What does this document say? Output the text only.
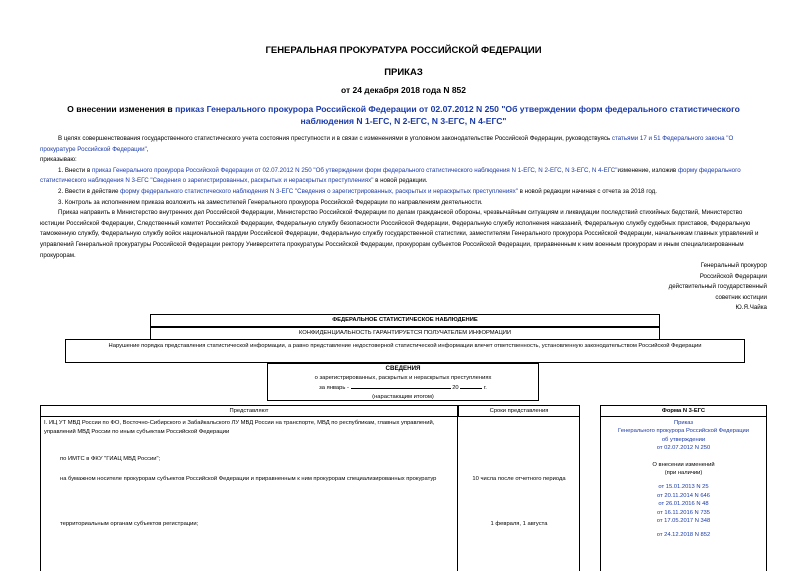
ГЕНЕРАЛЬНАЯ ПРОКУРАТУРА РОССИЙСКОЙ ФЕДЕРАЦИИ
ПРИКАЗ
от 24 декабря 2018 года N 852
О внесении изменения в приказ Генерального прокурора Российской Федерации от 02.07.2012 N 250 "Об утверждении форм федерального статистического наблюдения N 1-ЕГС, N 2-ЕГС, N 3-ЕГС, N 4-ЕГС"

В целях совершенствования государственного статистического учета состояния преступности и в связи с изменениями в уголовном законодательстве Российской Федерации, руководствуясь статьями 17 и 51 Федерального закона "О прокуратуре Российской Федерации",

приказываю:

1. Внести в приказ Генерального прокурора Российской Федерации от 02.07.2012 N 250 "Об утверждении форм федерального статистического наблюдения N 1-ЕГС, N 2-ЕГС, N 3-ЕГС, N 4-ЕГС"изменение, изложив форму федерального статистического наблюдения N 3-ЕГС "Сведения о зарегистрированных, раскрытых и нераскрытых преступлениях" в новой редакции.

2. Ввести в действие форму федерального статистического наблюдения N 3-ЕГС "Сведения о зарегистрированных, раскрытых и нераскрытых преступлениях" в новой редакции начиная с отчета за 2018 год.

3. Контроль за исполнением приказа возложить на заместителей Генерального прокурора Российской Федерации по направлениям деятельности.

Приказ направить в Министерство внутренних дел Российской Федерации, Министерство Российской Федерации по делам гражданской обороны, чрезвычайным ситуациям и ликвидации последствий стихийных бедствий, Министерство юстиции Российской Федерации, Следственный комитет Российской Федерации, Федеральную службу безопасности Российской Федерации, Федеральную службу исполнения наказаний, Федеральную службу судебных приставов, Федеральную таможенную службу, Федеральную службу войск национальной гвардии Российской Федерации, Федеральную службу государственной статистики, заместителям Генерального прокурора Российской Федерации, начальникам главных управлений и управлений Генеральной прокуратуры Российской Федерации ректору Университета прокуратуры Российской Федерации, прокурорам субъектов Российской Федерации, приравненным к ним военным прокурорам и иным специализированным прокурорам.

Генеральный прокурор
Российской Федерации
действительный государственный
советник юстиции
Ю.Я.Чайка
ФЕДЕРАЛЬНОЕ СТАТИСТИЧЕСКОЕ НАБЛЮДЕНИЕ
КОНФИДЕНЦИАЛЬНОСТЬ ГАРАНТИРУЕТСЯ ПОЛУЧАТЕЛЕМ ИНФОРМАЦИИ
Нарушение порядка представления статистической информации, а равно представление недостоверной статистической информации влечет ответственность, установленную законодательством Российской Федерации
СВЕДЕНИЯ
о зарегистрированных, раскрытых и нераскрытых преступлениях
за январь -	20	г.
(нарастающим итогом)
Представляют	Сроки представления
I. ИЦ УТ МВД России по ФО, Восточно-Сибирского и Забайкальского ЛУ МВД России на транспорте, МВД по республикам, главных управлений, управлений МВД России по иным субъектам Российской Федерации
по ИМТС в ФКУ "ГИАЦ МВД России";
на бумажном носителе прокурорам субъектов Российской Федерации и приравненным к ним прокурорам специализированных прокуратур	10 числа после отчетного периода
территориальным органам субъектов регистрации;	1 февраля, 1 августа
Форма N 3-ЕГС
Приказ
Генерального прокурора Российской Федерации
об утверждении
от 02.07.2012 N 250
О внесении изменений
(при наличии)
от 15.01.2013 N 25
от 20.11.2014 N 646
от 26.01.2016 N 48
от 16.11.2016 N 735
от 17.05.2017 N 348
от 24.12.2018 N 852
